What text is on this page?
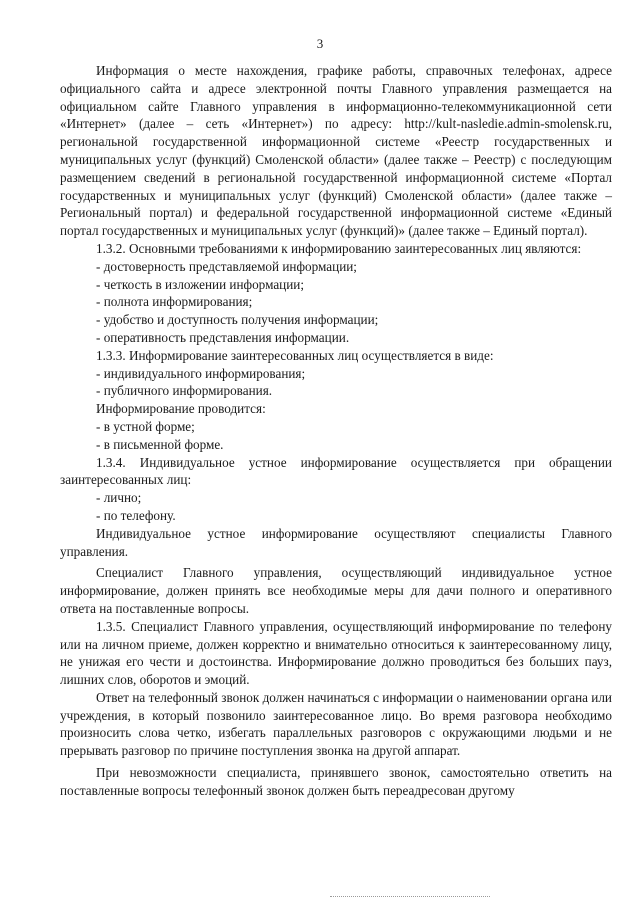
3

Информация о месте нахождения, графике работы, справочных телефонах, адресе официального сайта и адресе электронной почты Главного управления размещается на официальном сайте Главного управления в информационно-телекоммуникационной сети «Интернет» (далее – сеть «Интернет») по адресу: http://kult-nasledie.admin-smolensk.ru, региональной государственной информационной системе «Реестр государственных и муниципальных услуг (функций) Смоленской области» (далее также – Реестр) с последующим размещением сведений в региональной государственной информационной системе «Портал государственных и муниципальных услуг (функций) Смоленской области» (далее также – Региональный портал) и федеральной государственной информационной системе «Единый портал государственных и муниципальных услуг (функций)» (далее также – Единый портал).

1.3.2. Основными требованиями к информированию заинтересованных лиц являются:

- достоверность представляемой информации;

- четкость в изложении информации;

- полнота информирования;

- удобство и доступность получения информации;

- оперативность представления информации.

1.3.3. Информирование заинтересованных лиц осуществляется в виде:

- индивидуального информирования;

- публичного информирования.

Информирование проводится:

- в устной форме;

- в письменной форме.

1.3.4. Индивидуальное устное информирование осуществляется при обращении заинтересованных лиц:

- лично;

- по телефону.

Индивидуальное устное информирование осуществляют специалисты Главного управления.

Специалист Главного управления, осуществляющий индивидуальное устное информирование, должен принять все необходимые меры для дачи полного и оперативного ответа на поставленные вопросы.

1.3.5. Специалист Главного управления, осуществляющий информирование по телефону или на личном приеме, должен корректно и внимательно относиться к заинтересованному лицу, не унижая его чести и достоинства. Информирование должно проводиться без больших пауз, лишних слов, оборотов и эмоций.

Ответ на телефонный звонок должен начинаться с информации о наименовании органа или учреждения, в который позвонило заинтересованное лицо. Во время разговора необходимо произносить слова четко, избегать параллельных разговоров с окружающими людьми и не прерывать разговор по причине поступления звонка на другой аппарат.

При невозможности специалиста, принявшего звонок, самостоятельно ответить на поставленные вопросы телефонный звонок должен быть переадресован другому
